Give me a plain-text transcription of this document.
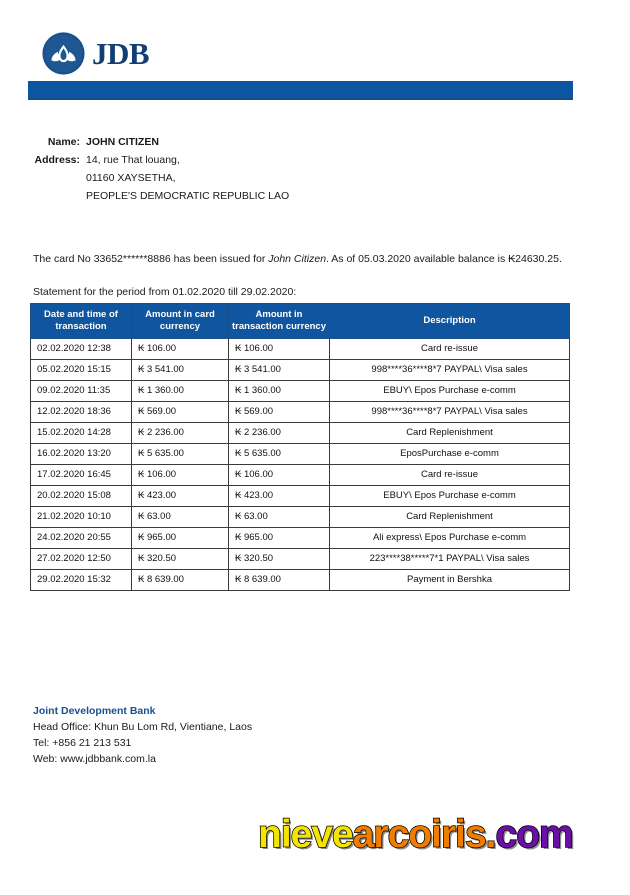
JDB
Name: JOHN CITIZEN
Address: 14, rue That louang,
01160 XAYSETHA,
PEOPLE'S DEMOCRATIC REPUBLIC LAO
The card No 33652******8886 has been issued for John Citizen. As of 05.03.2020 available balance is ₭24630.25.
Statement for the period from 01.02.2020 till 29.02.2020:
Date and time of transaction	Amount in card currency	Amount in transaction currency	Description
02.02.2020 12:38	₭ 106.00	₭ 106.00	Card re-issue
05.02.2020 15:15	₭ 3 541.00	₭ 3 541.00	998****36****8*7 PAYPAL\ Visa sales
09.02.2020 11:35	₭ 1 360.00	₭ 1 360.00	EBUY\ Epos Purchase e-comm
12.02.2020 18:36	₭ 569.00	₭ 569.00	998****36****8*7 PAYPAL\ Visa sales
15.02.2020 14:28	₭ 2 236.00	₭ 2 236.00	Card Replenishment
16.02.2020 13:20	₭ 5 635.00	₭ 5 635.00	EposPurchase e-comm
17.02.2020 16:45	₭ 106.00	₭ 106.00	Card re-issue
20.02.2020 15:08	₭ 423.00	₭ 423.00	EBUY\ Epos Purchase e-comm
21.02.2020 10:10	₭ 63.00	₭ 63.00	Card Replenishment
24.02.2020 20:55	₭ 965.00	₭ 965.00	Ali express\ Epos Purchase e-comm
27.02.2020 12:50	₭ 320.50	₭ 320.50	223****38*****7*1 PAYPAL\ Visa sales
29.02.2020 15:32	₭ 8 639.00	₭ 8 639.00	Payment in Bershka
Joint Development Bank
Head Office: Khun Bu Lom Rd, Vientiane, Laos
Tel: +856 21 213 531
Web: www.jdbbank.com.la
nievearcoiris.com
